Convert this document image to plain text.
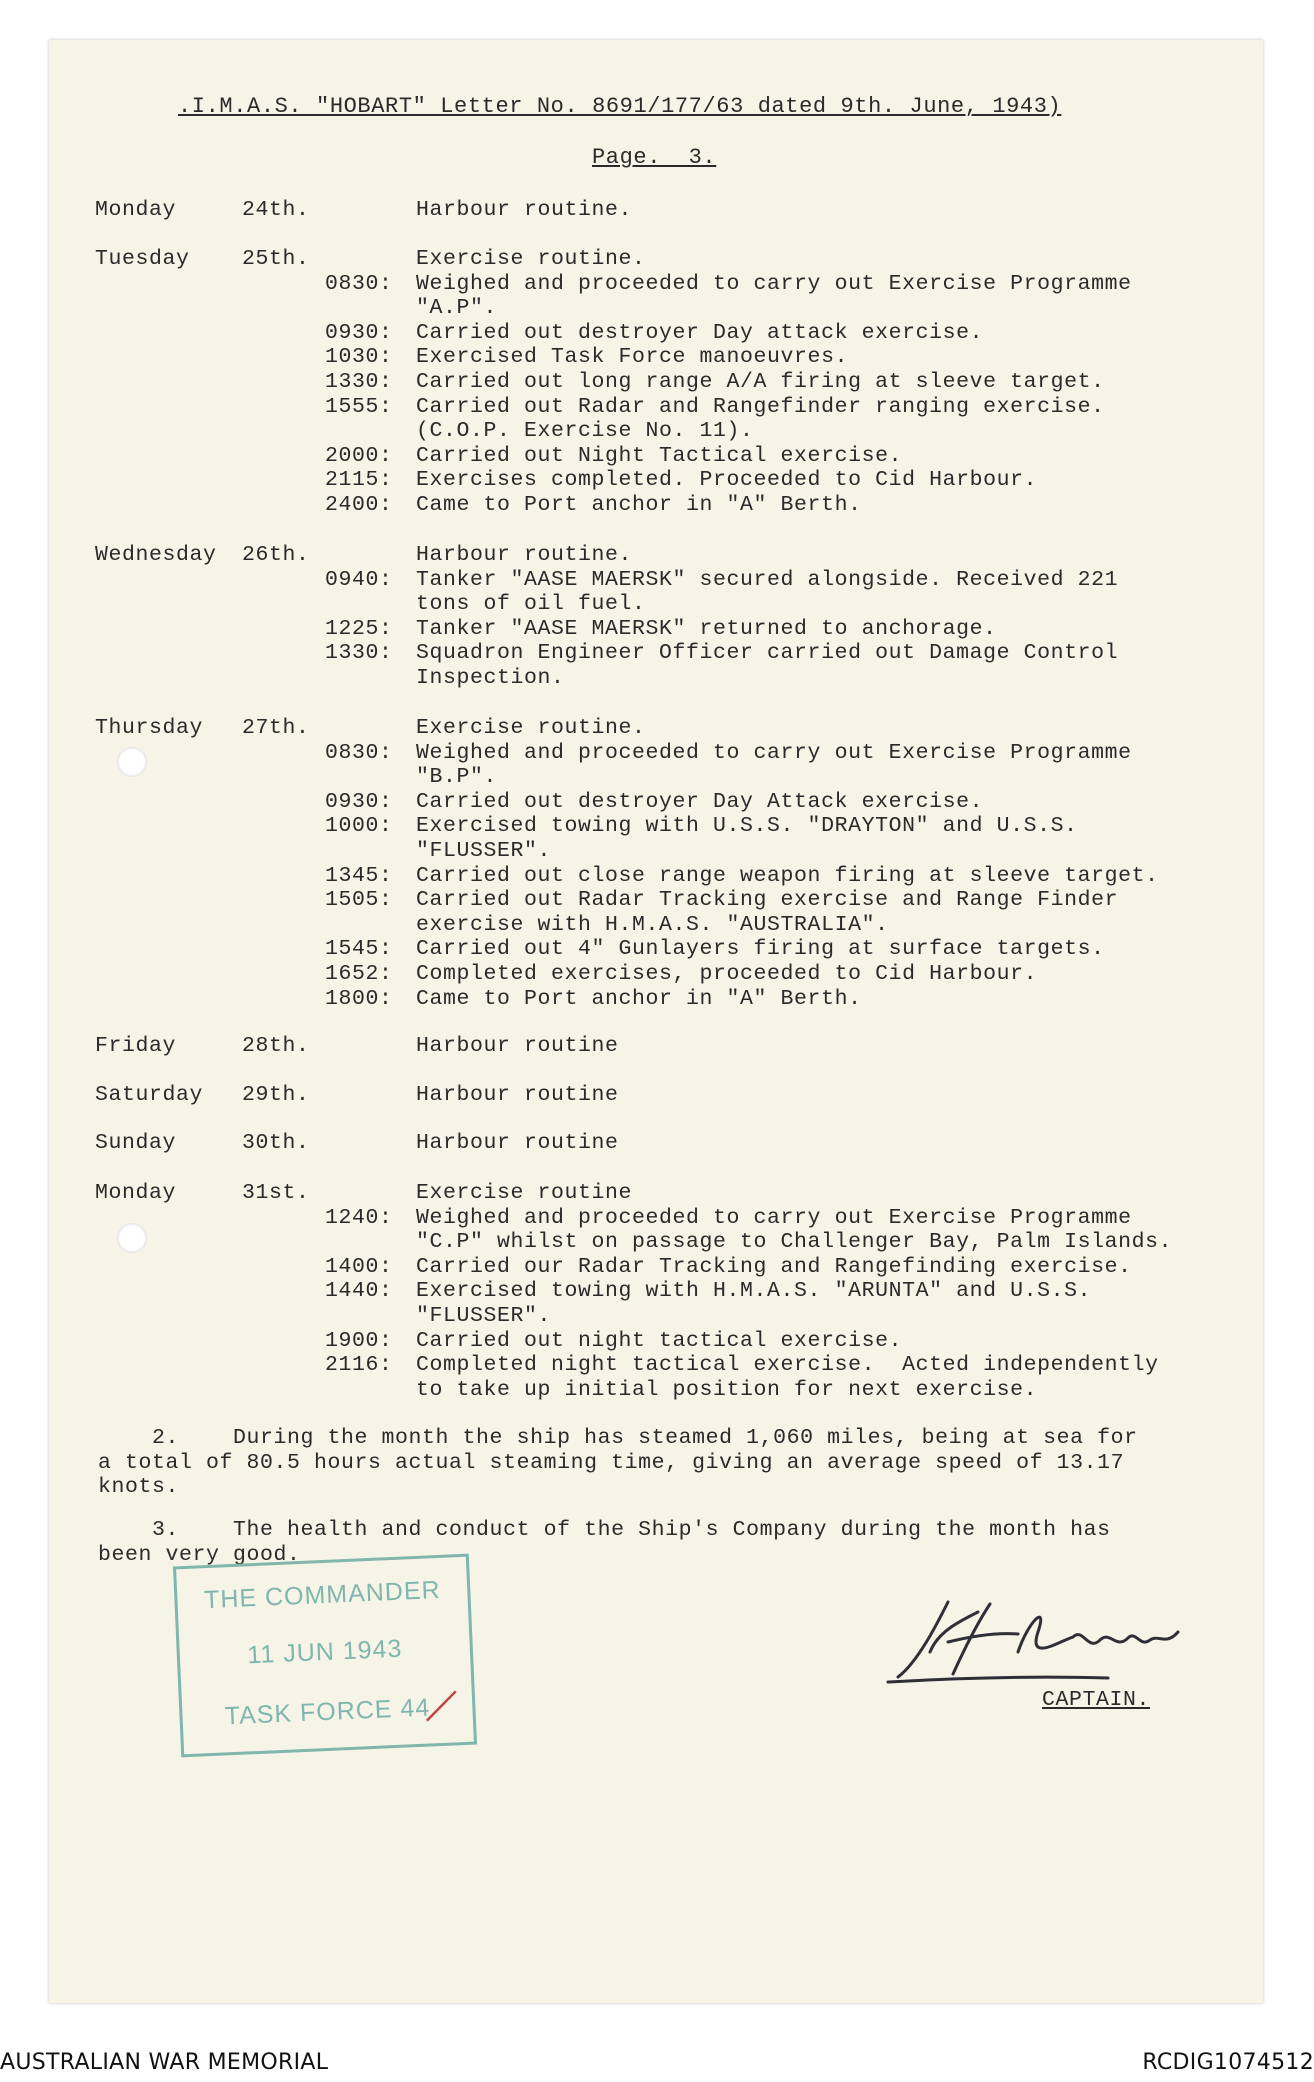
.I.M.A.S. "HOBART" Letter No. 8691/177/63 dated 9th. June, 1943)
Page.  3.
Monday	24th.	Harbour routine.
Tuesday 25th.	Exercise routine.
0830: Weighed and proceeded to carry out Exercise Programme
"A.P".
0930: Carried out destroyer Day attack exercise.
1030: Exercised Task Force manoeuvres.
1330: Carried out long range A/A firing at sleeve target.
1555: Carried out Radar and Rangefinder ranging exercise.
(C.O.P. Exercise No. 11).
2000: Carried out Night Tactical exercise.
2115: Exercises completed. Proceeded to Cid Harbour.
2400: Came to Port anchor in "A" Berth.
Wednesday 26th.	Harbour routine.
0940: Tanker "AASE MAERSK" secured alongside. Received 221
tons of oil fuel.
1225: Tanker "AASE MAERSK" returned to anchorage.
1330: Squadron Engineer Officer carried out Damage Control
Inspection.
Thursday 27th.	Exercise routine.
0830: Weighed and proceeded to carry out Exercise Programme
"B.P".
0930: Carried out destroyer Day Attack exercise.
1000: Exercised towing with U.S.S. "DRAYTON" and U.S.S.
"FLUSSER".
1345: Carried out close range weapon firing at sleeve target.
1505: Carried out Radar Tracking exercise and Range Finder
exercise with H.M.A.S. "AUSTRALIA".
1545: Carried out 4" Gunlayers firing at surface targets.
1652: Completed exercises, proceeded to Cid Harbour.
1800: Came to Port anchor in "A" Berth.
Friday	28th.	Harbour routine
Saturday 29th.	Harbour routine
Sunday	30th.	Harbour routine
Monday	31st.	Exercise routine
1240: Weighed and proceeded to carry out Exercise Programme
"C.P" whilst on passage to Challenger Bay, Palm Islands.
1400: Carried our Radar Tracking and Rangefinding exercise.
1440: Exercised towing with H.M.A.S. "ARUNTA" and U.S.S.
"FLUSSER".
1900: Carried out night tactical exercise.
2116: Completed night tactical exercise.  Acted independently
to take up initial position for next exercise.
2.    During the month the ship has steamed 1,060 miles, being at sea for
a total of 80.5 hours actual steaming time, giving an average speed of 13.17
knots.
3.    The health and conduct of the Ship's Company during the month has
been very good.
THE COMMANDER
11 JUN 1943
TASK FORCE 44	CAPTAIN.
AUSTRALIAN WAR MEMORIAL	RCDIG1074512
